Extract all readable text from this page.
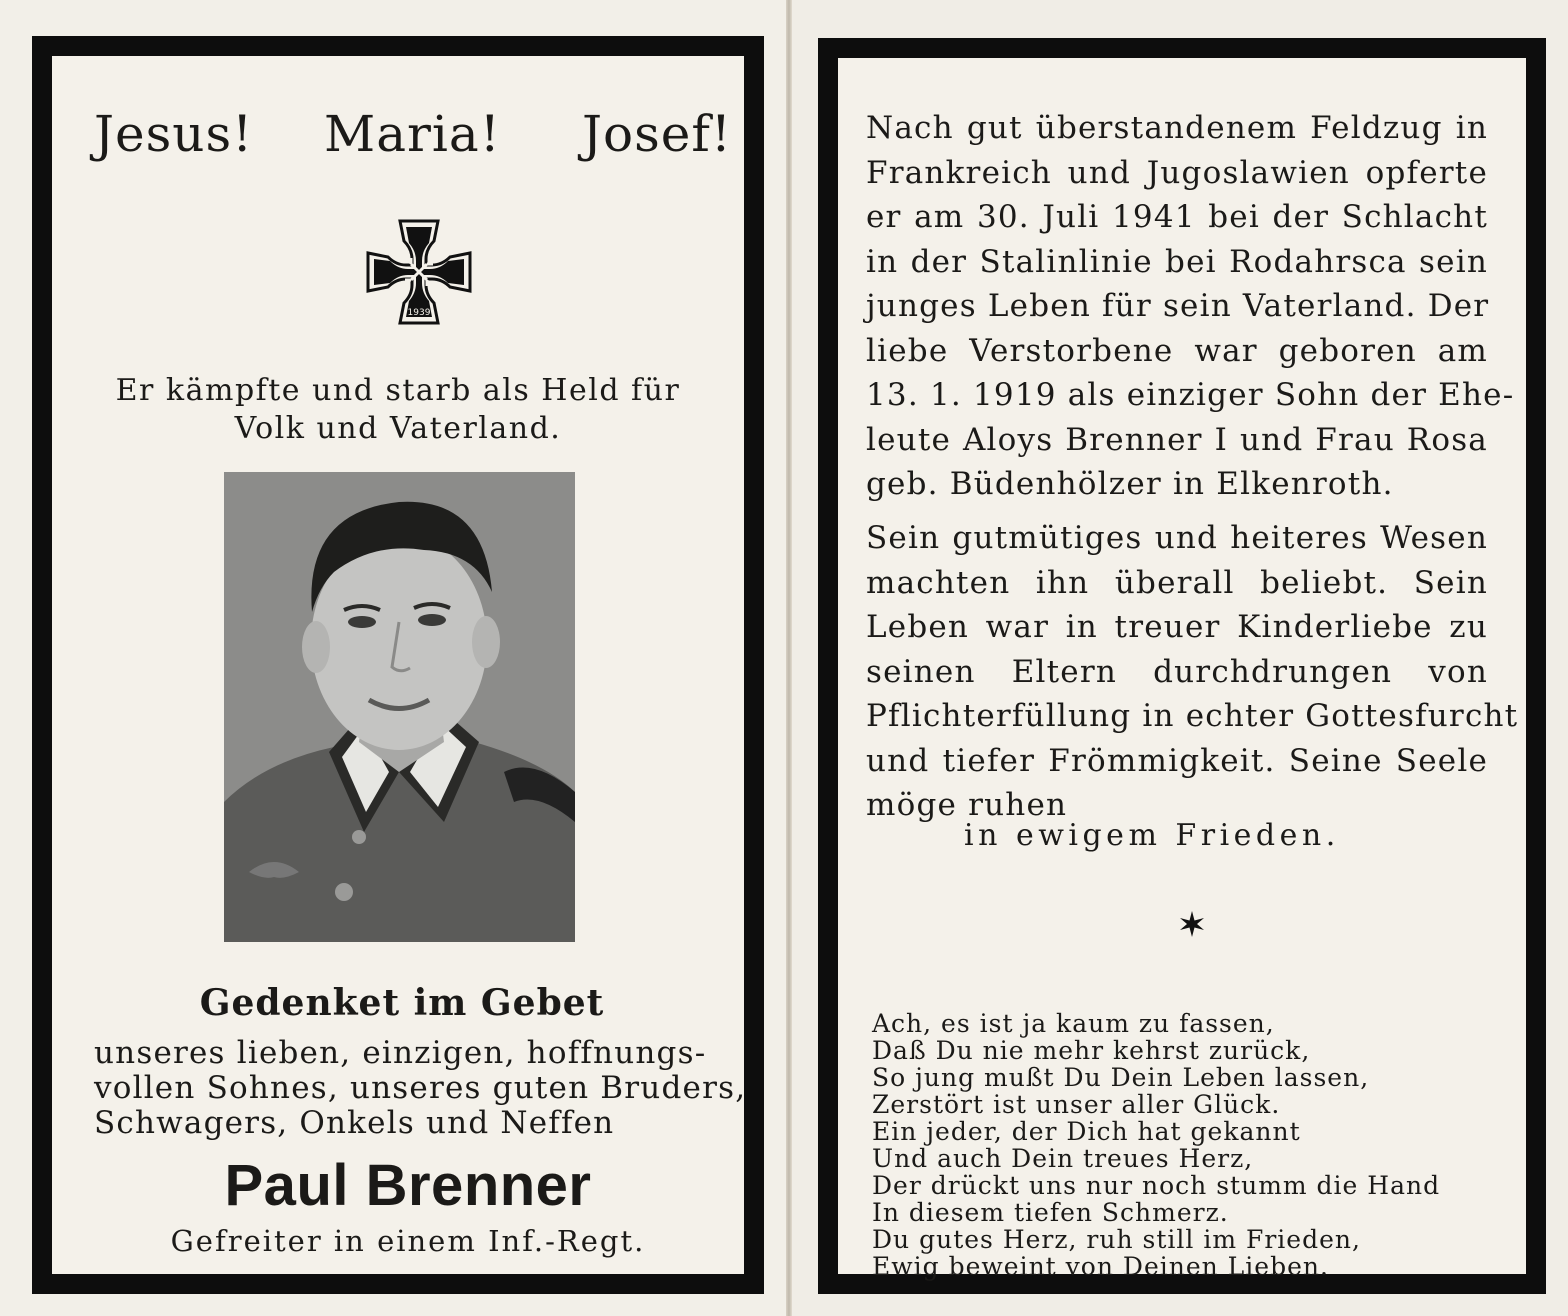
Jesus! Maria! Josef!

1939

Er kämpfte und starb als Held für

Volk und Vaterland.

Gedenket im Gebet

unseres lieben, einzigen, hoffnungs-

vollen Sohnes, unseres guten Bruders,

Schwagers, Onkels und Neffen

Paul Brenner

Gefreiter in einem Inf.-Regt.

Nach gut überstandenem Feldzug in

Frankreich und Jugoslawien opferte

er am 30. Juli 1941 bei der Schlacht

in der Stalinlinie bei Rodahrsca sein

junges Leben für sein Vaterland. Der

liebe Verstorbene war geboren am

13. 1. 1919 als einziger Sohn der Ehe-

leute Aloys Brenner I und Frau Rosa

geb. Büdenhölzer in Elkenroth.

Sein gutmütiges und heiteres Wesen

machten ihn überall beliebt. Sein

Leben war in treuer Kinderliebe zu

seinen Eltern durchdrungen von

Pflichterfüllung in echter Gottesfurcht

und tiefer Frömmigkeit. Seine Seele

möge ruhen

in ewigem Frieden.

Ach, es ist ja kaum zu fassen,

Daß Du nie mehr kehrst zurück,

So jung mußt Du Dein Leben lassen,

Zerstört ist unser aller Glück.

Ein jeder, der Dich hat gekannt

Und auch Dein treues Herz,

Der drückt uns nur noch stumm die Hand

In diesem tiefen Schmerz.

Du gutes Herz, ruh still im Frieden,

Ewig beweint von Deinen Lieben.
